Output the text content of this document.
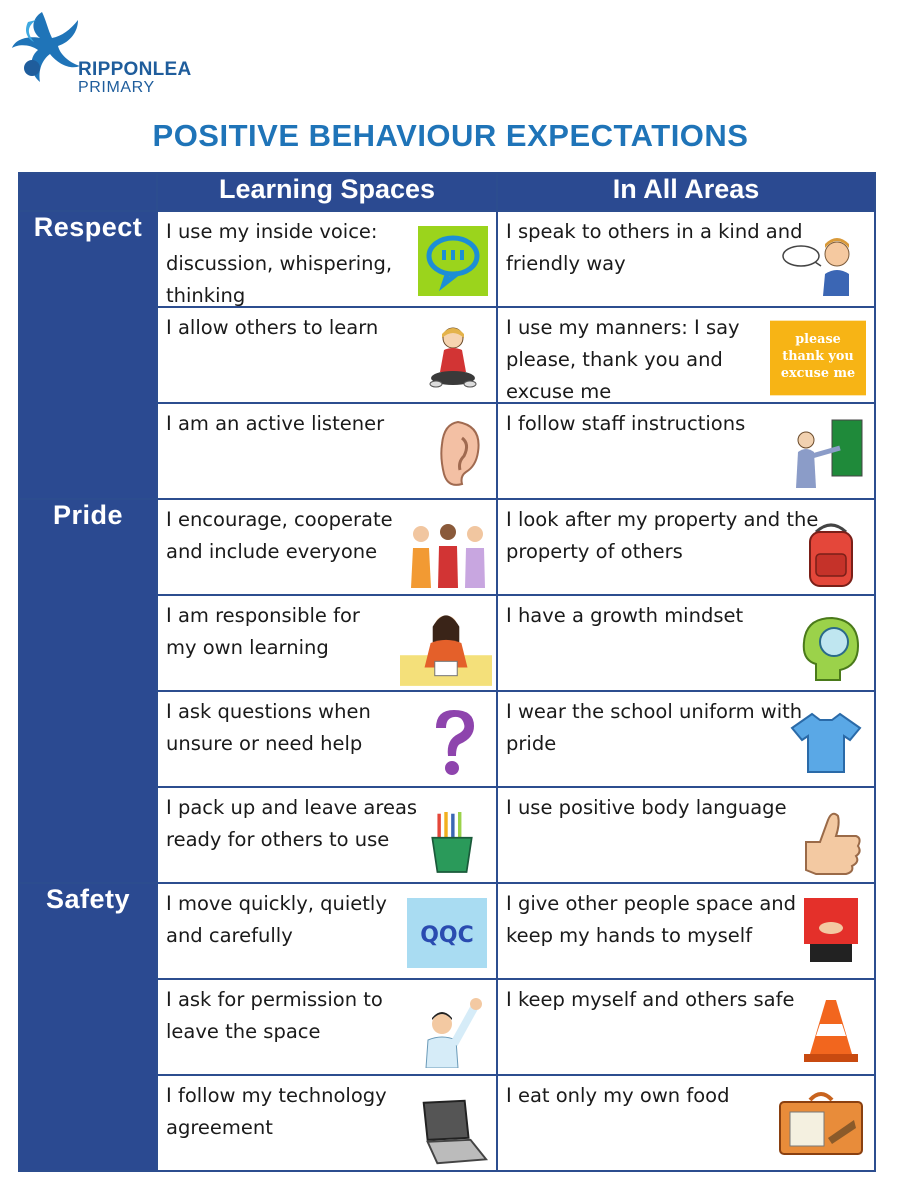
RIPPONLEA
PRIMARY
POSITIVE BEHAVIOUR EXPECTATIONS
	Learning Spaces	In All Areas
Respect	I use my inside voice: discussion, whispering, thinking	I speak to others in a kind and friendly way

	I allow others to learn	I use my manners: I say please, thank you and excuse me
please
thank you
excuse me

	I am an active listener	I follow staff instructions

Pride	I encourage, cooperate and include everyone	I look after my property and the property of others

	I am responsible for my own learning	I have a growth mindset

	I ask questions when unsure or need help	I wear the school uniform with pride

	I pack up and leave areas ready for others to use	I use positive body language

Safety	I move quickly, quietly and carefully QQC	I give other people space and keep my hands to myself

	I ask for permission to leave the space	I keep myself and others safe

	I follow my technology agreement	I eat only my own food
